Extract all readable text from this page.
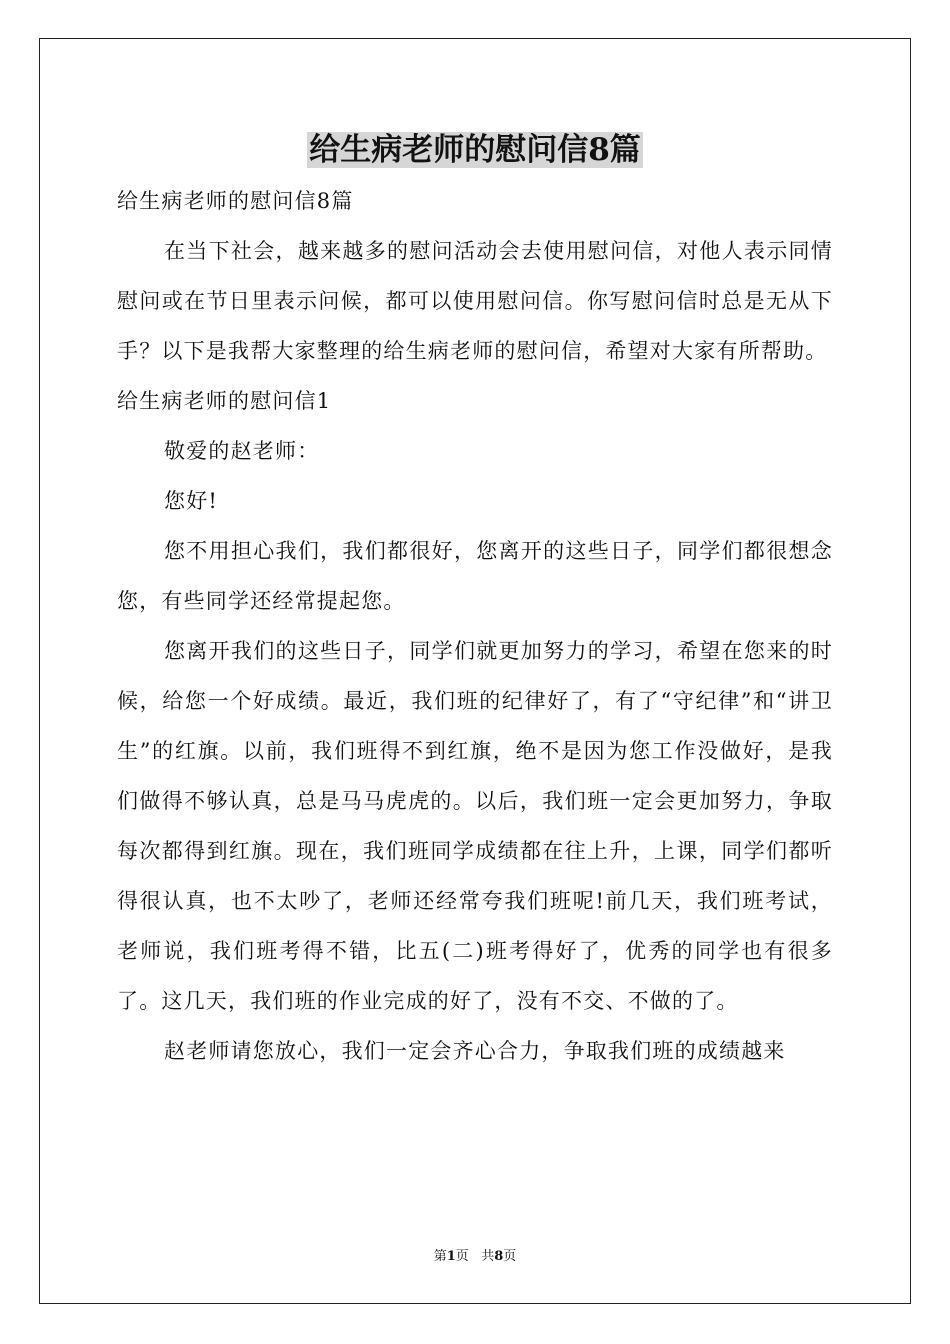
给生病老师的慰问信8篇

给生病老师的慰问信8篇

在当下社会，越来越多的慰问活动会去使用慰问信，对他人表示同情慰问或在节日里表示问候，都可以使用慰问信。你写慰问信时总是无从下手？以下是我帮大家整理的给生病老师的慰问信，希望对大家有所帮助。

给生病老师的慰问信1

敬爱的赵老师：

您好!

您不用担心我们，我们都很好，您离开的这些日子，同学们都很想念您，有些同学还经常提起您。

您离开我们的这些日子，同学们就更加努力的学习，希望在您来的时候，给您一个好成绩。最近，我们班的纪律好了，有了“守纪律”和“讲卫生”的红旗。以前，我们班得不到红旗，绝不是因为您工作没做好，是我们做得不够认真，总是马马虎虎的。以后，我们班一定会更加努力，争取每次都得到红旗。现在，我们班同学成绩都在往上升，上课，同学们都听得很认真，也不太吵了，老师还经常夸我们班呢!前几天，我们班考试，老师说，我们班考得不错，比五(二)班考得好了，优秀的同学也有很多了。这几天，我们班的作业完成的好了，没有不交、不做的了。

赵老师请您放心，我们一定会齐心合力，争取我们班的成绩越来

第1页 共8页
